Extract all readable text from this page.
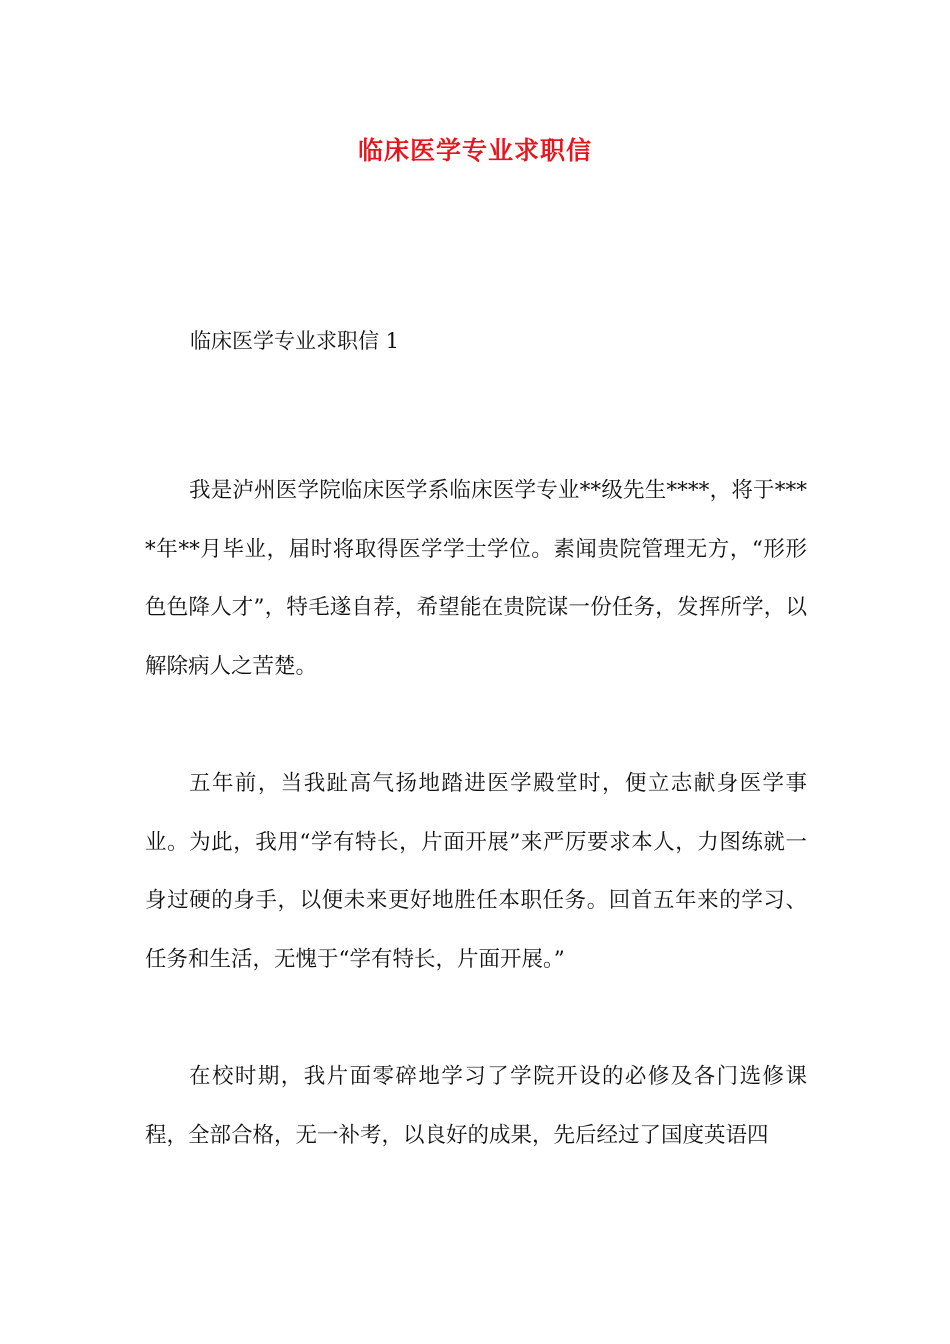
临床医学专业求职信
临床医学专业求职信 1

我是泸州医学院临床医学系临床医学专业**级先生****，将于****年**月毕业，届时将取得医学学士学位。素闻贵院管理无方，“形形色色降人才”，特毛遂自荐，希望能在贵院谋一份任务，发挥所学，以解除病人之苦楚。

五年前，当我趾高气扬地踏进医学殿堂时，便立志献身医学事业。为此，我用“学有特长，片面开展”来严厉要求本人，力图练就一身过硬的身手，以便未来更好地胜任本职任务。回首五年来的学习、任务和生活，无愧于“学有特长，片面开展。”

在校时期，我片面零碎地学习了学院开设的必修及各门选修课程，全部合格，无一补考，以良好的成果，先后经过了国度英语四
